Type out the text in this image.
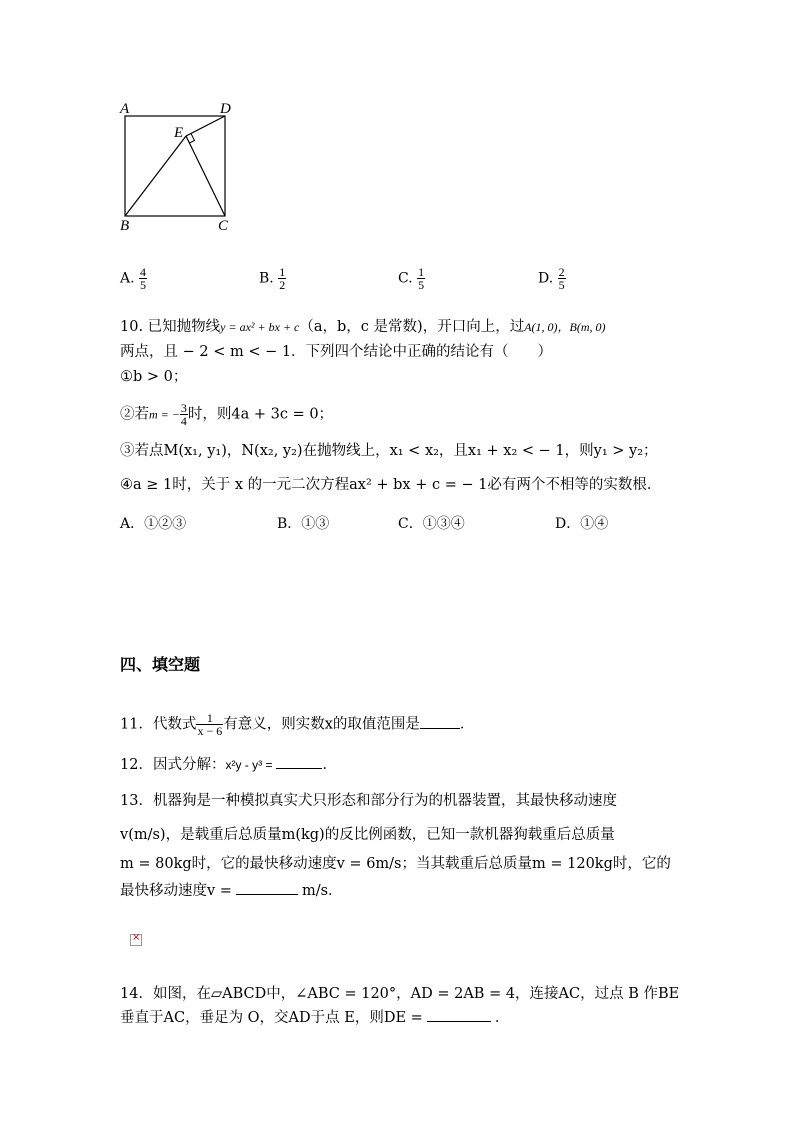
A	D
E
B	C
A. $\frac{4}{5}$	B. $\frac{1}{2}$	C. $\frac{1}{5}$	D. $\frac{2}{5}$
10. 已知抛物线y = ax² + bx + c（a，b，c 是常数)，开口向上，过A(1, 0)，B(m, 0)
两点，且 − 2 < m < − 1．下列四个结论中正确的结论有（　　）
①b > 0；
②若m = − $\frac{3}{4}$ 时，则4a + 3c = 0；
③若点M(x₁, y₁)，N(x₂, y₂)在抛物线上，x₁ < x₂，且x₁ + x₂ < − 1，则y₁ > y₂；
④a ≥ 1时，关于 x 的一元二次方程ax² + bx + c = − 1必有两个不相等的实数根．
A．①②③	B．①③	C．①③④	D．①④
四、填空题
11．代数式 $\frac{1}{x - 6}$ 有意义，则实数x的取值范围是	．
12．因式分解：x²y - y³ =	．
13．机器狗是一种模拟真实犬只形态和部分行为的机器装置，其最快移动速度
v(m/s)，是载重后总质量m(kg)的反比例函数，已知一款机器狗载重后总质量
m = 80kg时，它的最快移动速度v = 6m/s；当其载重后总质量m = 120kg时，它的
最快移动速度v =	m/s．
×
14．如图，在▱ABCD中，∠ABC = 120°，AD = 2AB = 4，连接AC，过点 B 作BE
垂直于AC，垂足为 O，交AD于点 E，则DE =	．
